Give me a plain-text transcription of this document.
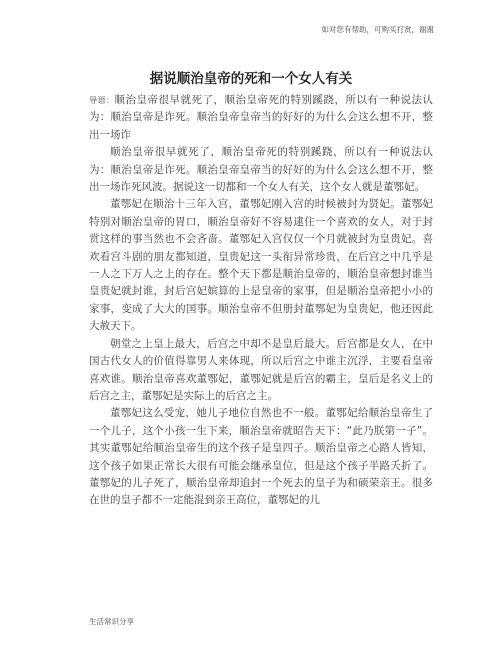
如对您有帮助，可购买打赏，谢谢
据说顺治皇帝的死和一个女人有关

导语：顺治皇帝很早就死了，顺治皇帝死的特别蹊跷，所以有一种说法认为：顺治皇帝是诈死。顺治皇帝皇帝当的好好的为什么会这么想不开，整出一场诈

顺治皇帝很早就死了，顺治皇帝死的特别蹊跷，所以有一种说法认为：顺治皇帝是诈死。顺治皇帝皇帝当的好好的为什么会这么想不开，整出一场诈死风波。据说这一切都和一个女人有关，这个女人就是董鄂妃。

董鄂妃在顺治十三年入宫，董鄂妃刚入宫的时候被封为贤妃。董鄂妃特别对顺治皇帝的胃口，顺治皇帝好不容易逮住一个喜欢的女人，对于封赏这样的事当然也不会吝啬。董鄂妃入宫仅仅一个月就被封为皇贵妃。喜欢看宫斗剧的朋友都知道，皇贵妃这一头衔异常珍贵，在后宫之中几乎是一人之下万人之上的存在。整个天下都是顺治皇帝的，顺治皇帝想封谁当皇贵妃就封谁，封后宫妃嫔算的上是皇帝的家事，但是顺治皇帝把小小的家事，变成了大大的国事。顺治皇帝不但册封董鄂妃为皇贵妃，他还因此大赦天下。

朝堂之上皇上最大，后宫之中却不是皇后最大。后宫都是女人，在中国古代女人的价值得靠男人来体现，所以后宫之中谁主沉浮，主要看皇帝喜欢谁。顺治皇帝喜欢董鄂妃，董鄂妃就是后宫的霸主，皇后是名义上的后宫之主，董鄂妃是实际上的后宫之主。

董鄂妃这么受宠，她儿子地位自然也不一般。董鄂妃给顺治皇帝生了一个儿子，这个小孩一生下来，顺治皇帝就昭告天下：“此乃朕第一子”。其实董鄂妃给顺治皇帝生的这个孩子是皇四子。顺治皇帝之心路人皆知，这个孩子如果正常长大很有可能会继承皇位，但是这个孩子半路夭折了。董鄂妃的儿子死了，顺治皇帝却追封一个死去的皇子为和硕荣亲王。很多在世的皇子都不一定能混到亲王高位，董鄂妃的儿

生活常识分享
